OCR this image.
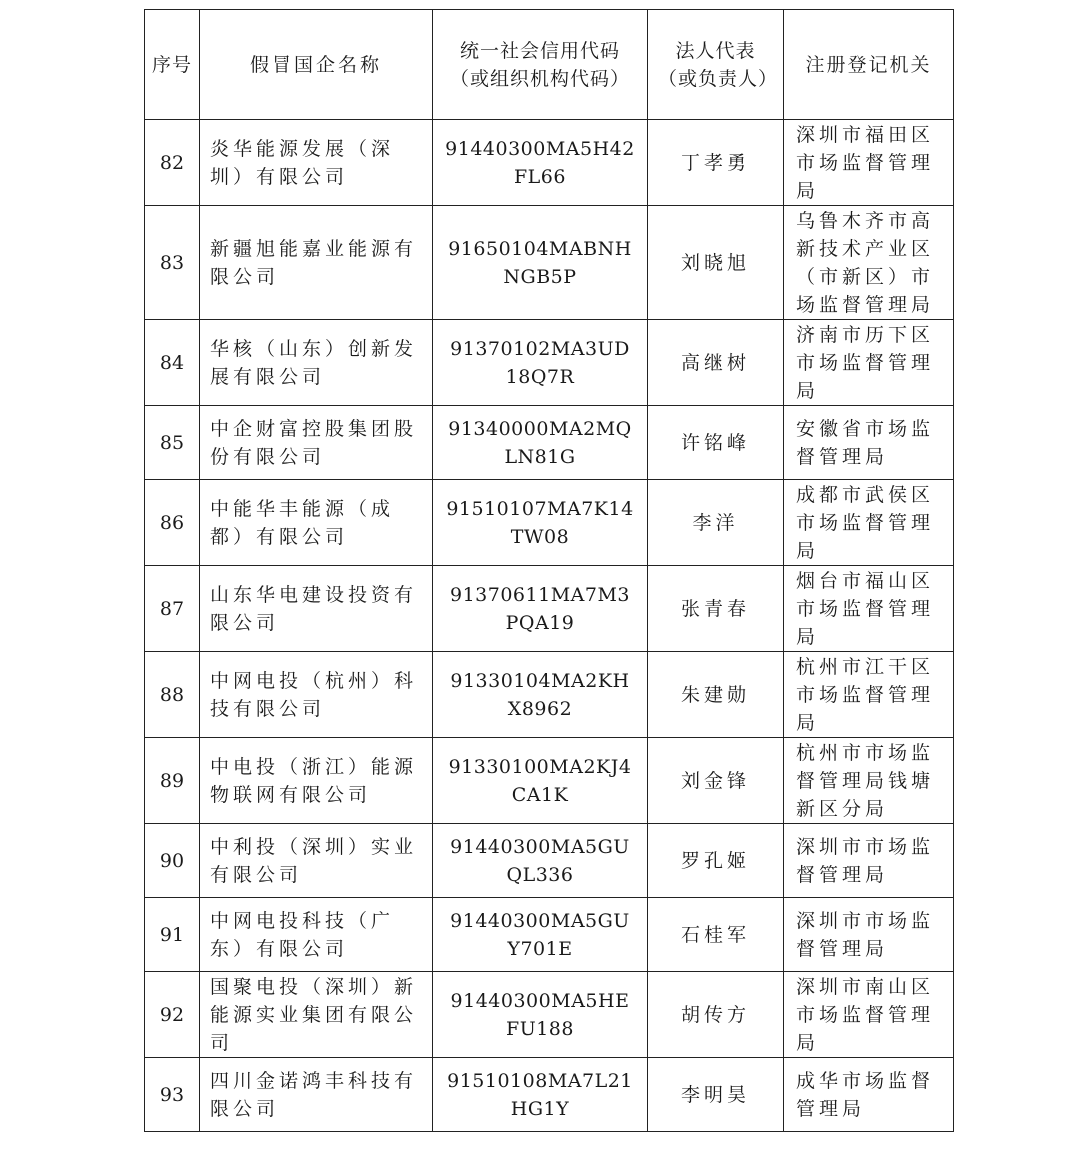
序号	假冒国企名称	统一社会信用代码（或组织机构代码）	法人代表（或负责人）	注册登记机关
82	炎华能源发展（深圳）有限公司	91440300MA5H42FL66	丁孝勇	深圳市福田区市场监督管理局
83	新疆旭能嘉业能源有限公司	91650104MABNHNGB5P	刘晓旭	乌鲁木齐市高新技术产业区（市新区）市场监督管理局
84	华核（山东）创新发展有限公司	91370102MA3UD18Q7R	高继树	济南市历下区市场监督管理局
85	中企财富控股集团股份有限公司	91340000MA2MQLN81G	许铭峰	安徽省市场监督管理局
86	中能华丰能源（成都）有限公司	91510107MA7K14TW08	李洋	成都市武侯区市场监督管理局
87	山东华电建设投资有限公司	91370611MA7M3PQA19	张青春	烟台市福山区市场监督管理局
88	中网电投（杭州）科技有限公司	91330104MA2KHX8962	朱建勋	杭州市江干区市场监督管理局
89	中电投（浙江）能源物联网有限公司	91330100MA2KJ4CA1K	刘金锋	杭州市市场监督管理局钱塘新区分局
90	中利投（深圳）实业有限公司	91440300MA5GUQL336	罗孔姬	深圳市市场监督管理局
91	中网电投科技（广东）有限公司	91440300MA5GUY701E	石桂军	深圳市市场监督管理局
92	国聚电投（深圳）新能源实业集团有限公司	91440300MA5HEFU188	胡传方	深圳市南山区市场监督管理局
93	四川金诺鸿丰科技有限公司	91510108MA7L21HG1Y	李明昊	成华市场监督管理局
